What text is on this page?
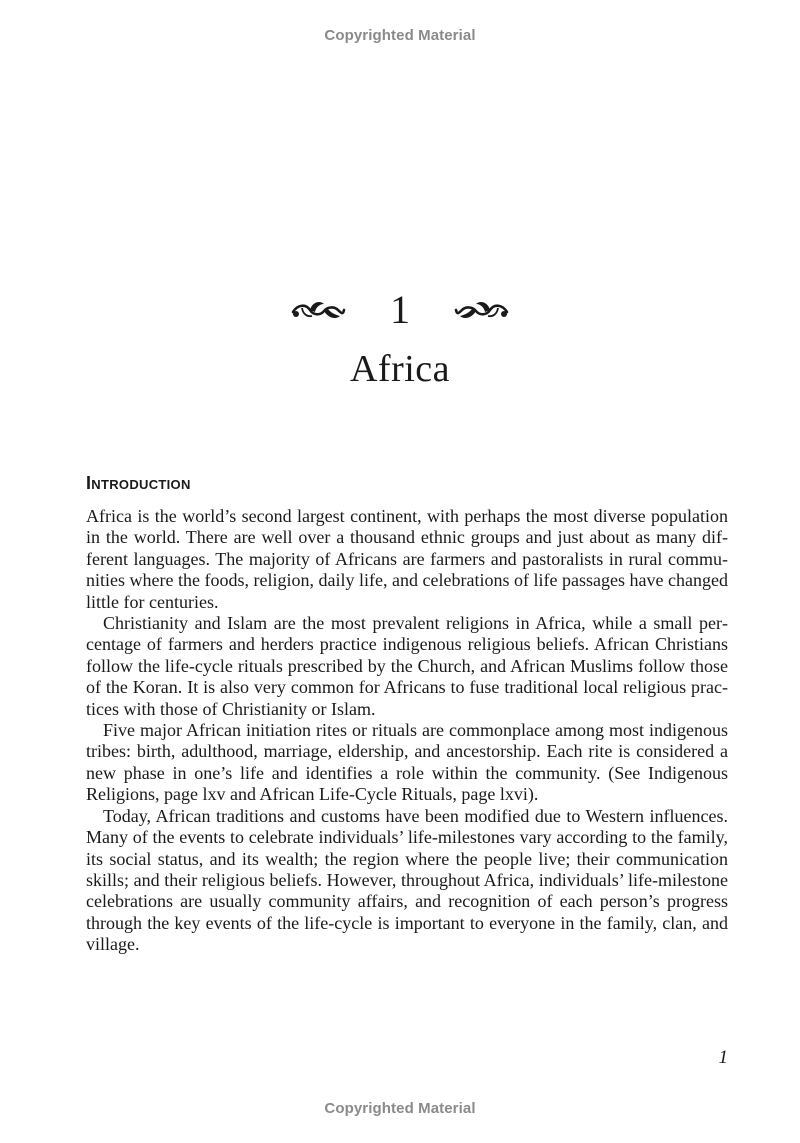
Copyrighted Material
1
Africa
Introduction

Africa is the world’s second largest continent, with perhaps the most diverse population in the world. There are well over a thousand ethnic groups and just about as many different languages. The majority of Africans are farmers and pastoralists in rural communities where the foods, religion, daily life, and celebrations of life passages have changed little for centuries.

Christianity and Islam are the most prevalent religions in Africa, while a small percentage of farmers and herders practice indigenous religious beliefs. African Christians follow the life-cycle rituals prescribed by the Church, and African Muslims follow those of the Koran. It is also very common for Africans to fuse traditional local religious practices with those of Christianity or Islam.

Five major African initiation rites or rituals are commonplace among most indigenous tribes: birth, adulthood, marriage, eldership, and ancestorship. Each rite is considered a new phase in one’s life and identifies a role within the community. (See Indigenous Religions, page lxv and African Life-Cycle Rituals, page lxvi).

Today, African traditions and customs have been modified due to Western influences. Many of the events to celebrate individuals’ life-milestones vary according to the family, its social status, and its wealth; the region where the people live; their communication skills; and their religious beliefs. However, throughout Africa, individuals’ life-milestone celebrations are usually community affairs, and recognition of each person’s progress through the key events of the life-cycle is important to everyone in the family, clan, and village.

1
Copyrighted Material
